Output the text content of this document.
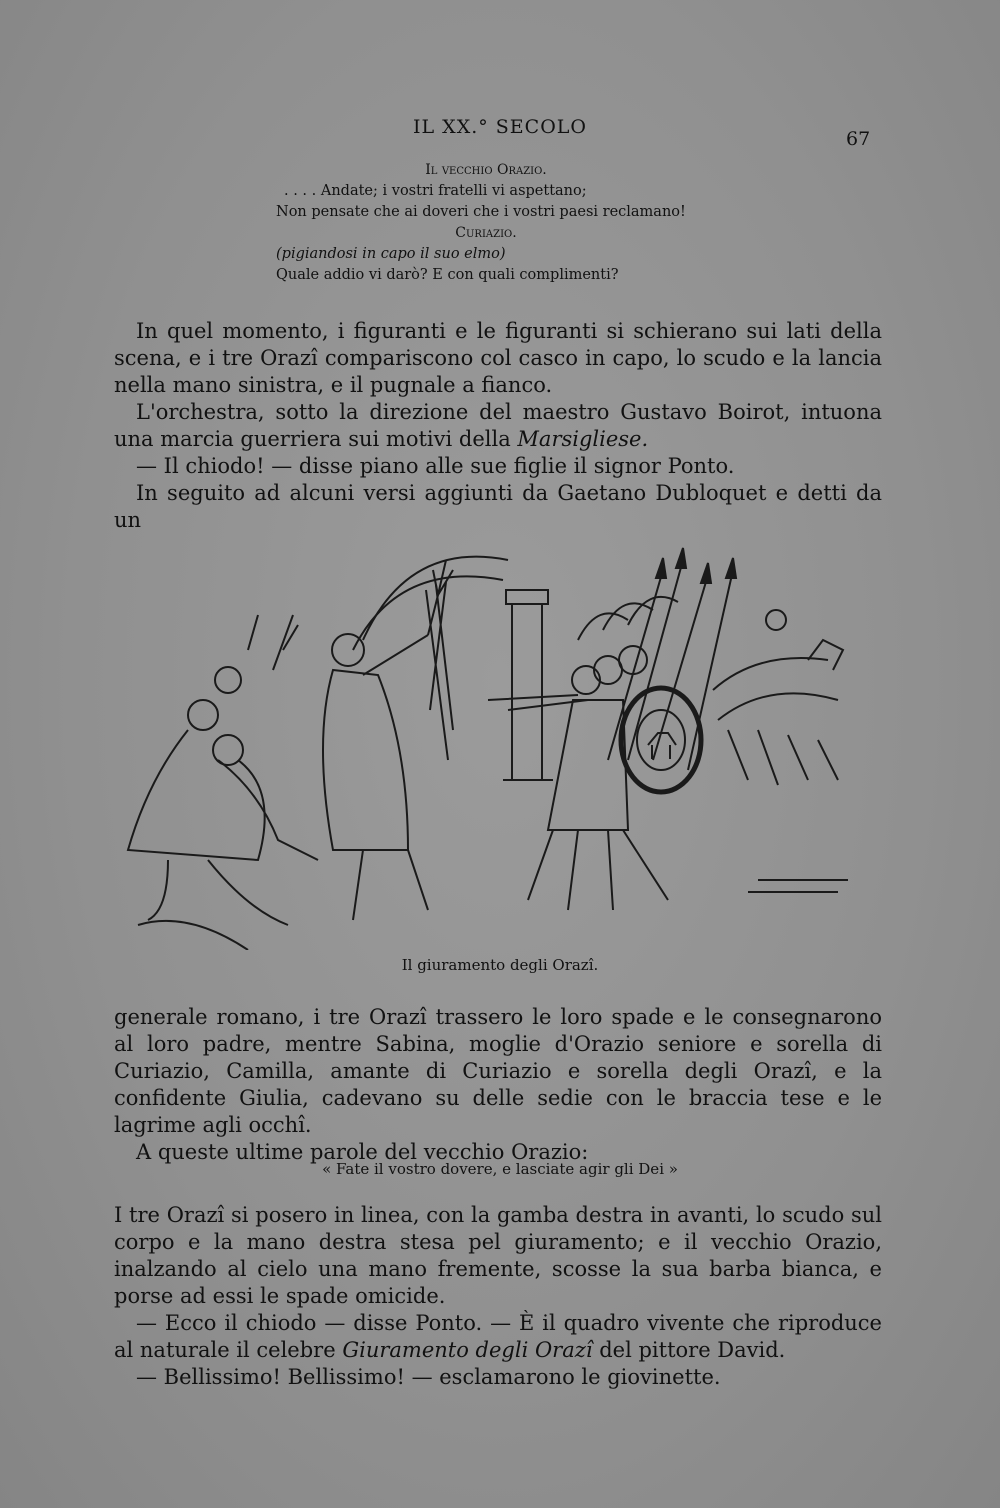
IL XX.° SECOLO
67
Il vecchio Orazio.
. . . . Andate; i vostri fratelli vi aspettano;
Non pensate che ai doveri che i vostri paesi reclamano!
Curiazio.
(pigiandosi in capo il suo elmo)
Quale addio vi darò? E con quali complimenti?

In quel momento, i figuranti e le figuranti si schierano sui lati della scena, e i tre Orazî compariscono col casco in capo, lo scudo e la lancia nella mano sinistra, e il pugnale a fianco.

L'orchestra, sotto la direzione del maestro Gustavo Boirot, intuona una marcia guerriera sui motivi della Marsigliese.

— Il chiodo! — disse piano alle sue figlie il signor Ponto.

In seguito ad alcuni versi aggiunti da Gaetano Dubloquet e detti da un

Il giuramento degli Orazî.

generale romano, i tre Orazî trassero le loro spade e le consegnarono al loro padre, mentre Sabina, moglie d'Orazio seniore e sorella di Curiazio, Camilla, amante di Curiazio e sorella degli Orazî, e la confidente Giulia, cadevano su delle sedie con le braccia tese e le lagrime agli occhî.

A queste ultime parole del vecchio Orazio:

« Fate il vostro dovere, e lasciate agir gli Dei »

I tre Orazî si posero in linea, con la gamba destra in avanti, lo scudo sul corpo e la mano destra stesa pel giuramento; e il vecchio Orazio, inalzando al cielo una mano fremente, scosse la sua barba bianca, e porse ad essi le spade omicide.

— Ecco il chiodo — disse Ponto. — È il quadro vivente che riproduce al naturale il celebre Giuramento degli Orazî del pittore David.

— Bellissimo! Bellissimo! — esclamarono le giovinette.
